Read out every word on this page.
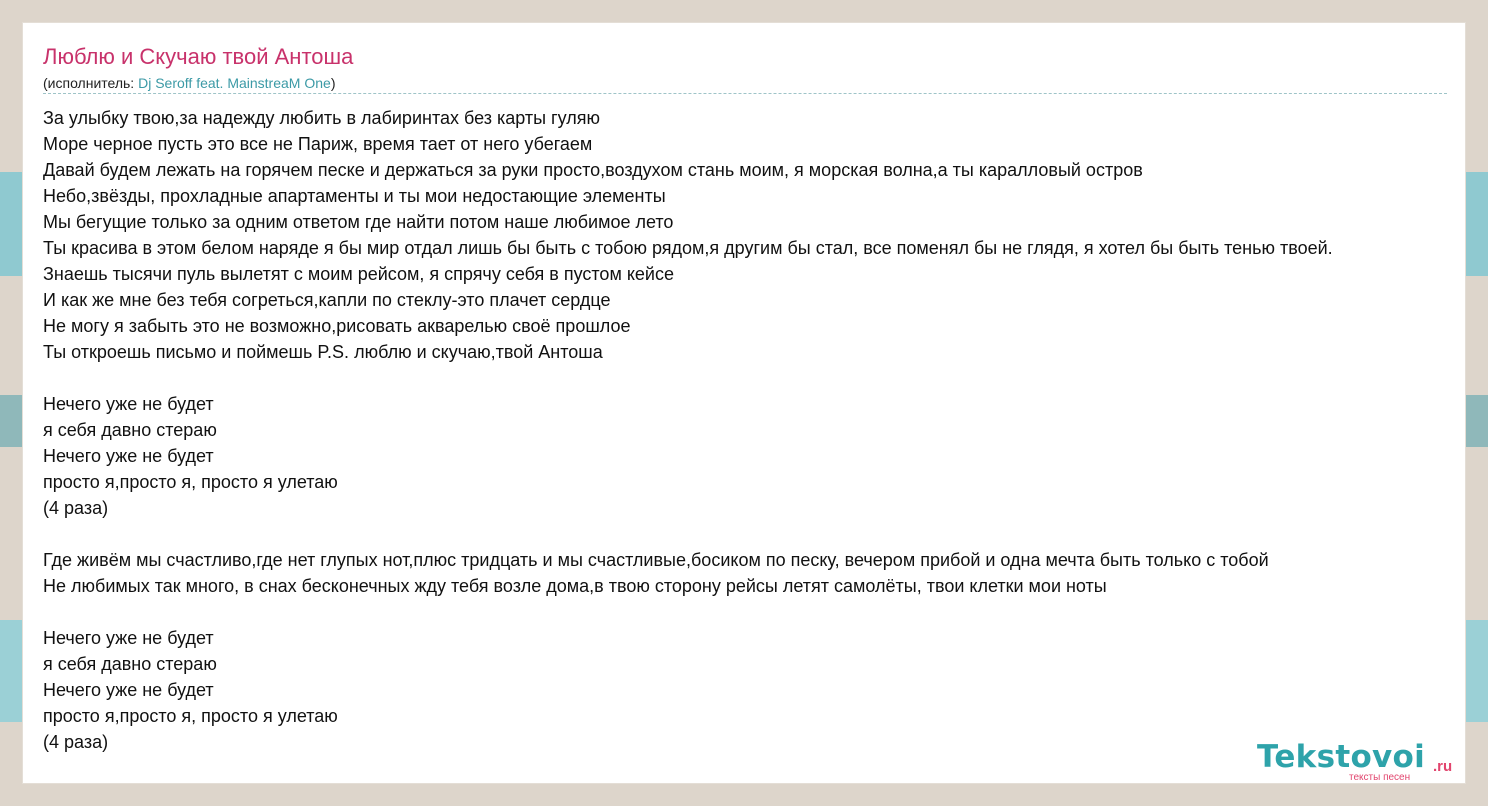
Люблю и Скучаю твой Антоша
(исполнитель: Dj Seroff feat. MainstreaM One)
За улыбку твою,за надежду любить в лабиринтах без карты гуляю
Море черное пусть это все не Париж, время тает от него убегаем
Давай будем лежать на горячем песке и держаться за руки просто,воздухом стань моим, я морская волна,а ты каралловый остров
Небо,звёзды, прохладные апартаменты и ты мои недостающие элементы
Мы бегущие только за одним ответом где найти потом наше любимое лето
Ты красива в этом белом наряде я бы мир отдал лишь бы быть с тобою рядом,я другим бы стал, все поменял бы не глядя, я хотел бы быть тенью твоей.
Знаешь тысячи пуль вылетят с моим рейсом, я спрячу себя в пустом кейсе
И как же мне без тебя согреться,капли по стеклу-это плачет сердце
Не могу я забыть это не возможно,рисовать акварелью своё прошлое
Ты откроешь письмо и поймешь P.S. люблю и скучаю,твой Антоша
Нечего уже не будет
я себя давно стераю
Нечего уже не будет
просто я,просто я, просто я улетаю
(4 раза)
Где живём мы счастливо,где нет глупых нот,плюс тридцать и мы счастливые,босиком по песку, вечером прибой и одна мечта быть только с тобой
Не любимых так много, в снах бесконечных жду тебя возле дома,в твою сторону рейсы летят самолёты, твои клетки мои ноты
Нечего уже не будет
я себя давно стераю
Нечего уже не будет
просто я,просто я, просто я улетаю
(4 раза)	Tekstovoi .ru
тексты песен
